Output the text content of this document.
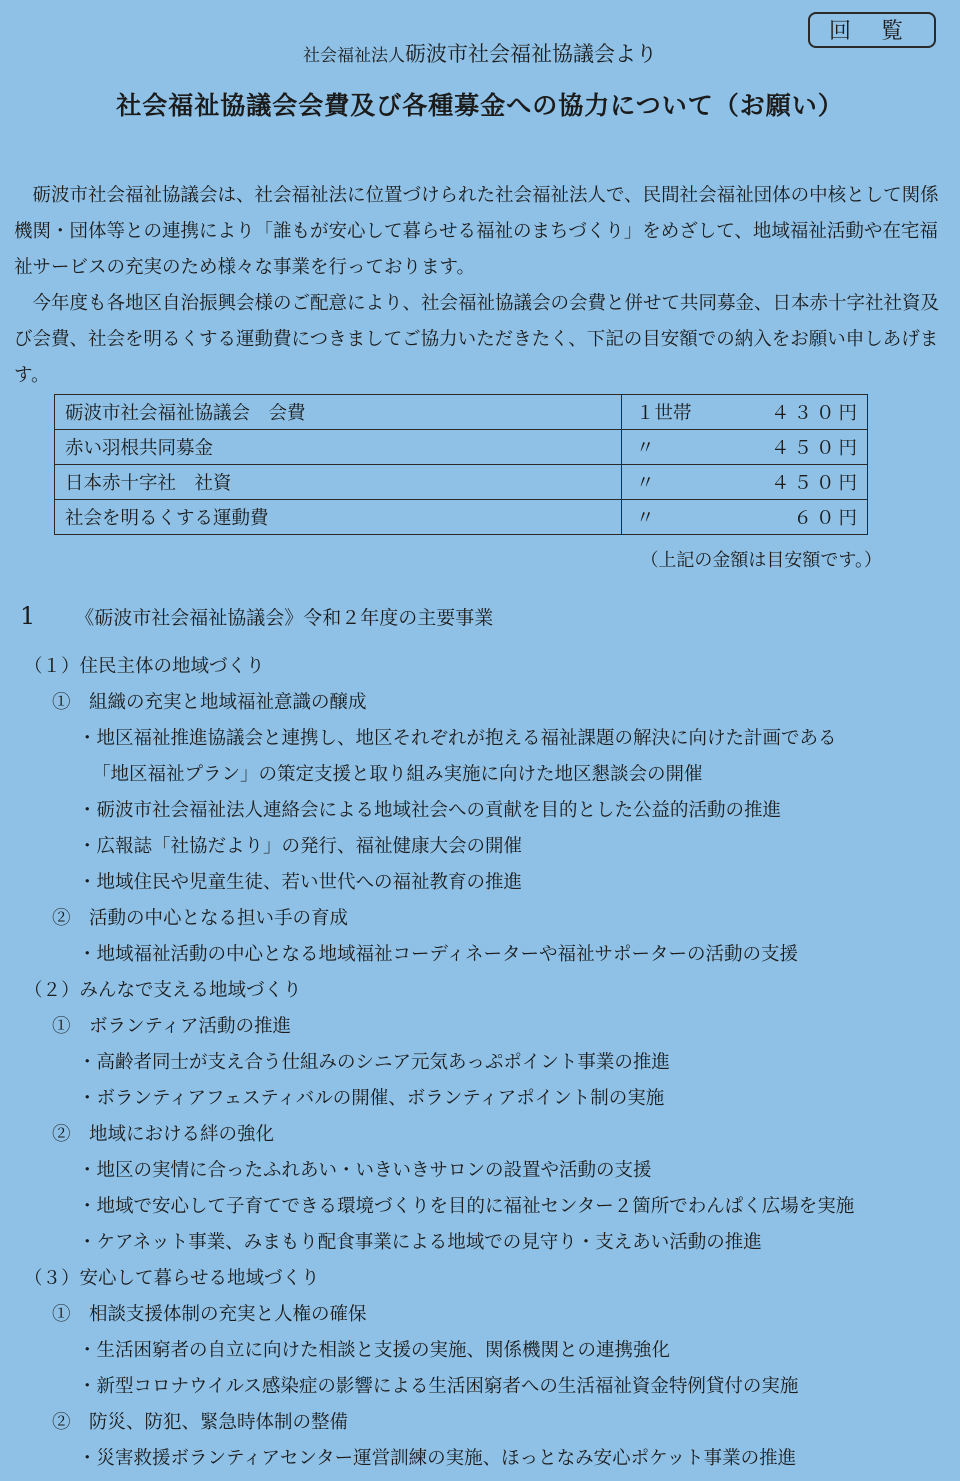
回覧
社会福祉法人砺波市社会福祉協議会より
社会福祉協議会会費及び各種募金への協力について（お願い）

砺波市社会福祉協議会は、社会福祉法に位置づけられた社会福祉法人で、民間社会福祉団体の中核として関係機関・団体等との連携により「誰もが安心して暮らせる福祉のまちづくり」をめざして、地域福祉活動や在宅福祉サービスの充実のため様々な事業を行っております。

今年度も各地区自治振興会様のご配意により、社会福祉協議会の会費と併せて共同募金、日本赤十字社社資及び会費、社会を明るくする運動費につきましてご協力いただきたく、下記の目安額での納入をお願い申しあげます。

砺波市社会福祉協議会　会費	１世帯	４３０円
赤い羽根共同募金	〃	４５０円
日本赤十字社　社資	〃	４５０円
社会を明るくする運動費	〃	６０円
（上記の金額は目安額です。）
1 《砺波市社会福祉協議会》令和２年度の主要事業
（１）住民主体の地域づくり
①　組織の充実と地域福祉意識の醸成
・地区福祉推進協議会と連携し、地区それぞれが抱える福祉課題の解決に向けた計画である
「地区福祉プラン」の策定支援と取り組み実施に向けた地区懇談会の開催
・砺波市社会福祉法人連絡会による地域社会への貢献を目的とした公益的活動の推進
・広報誌「社協だより」の発行、福祉健康大会の開催
・地域住民や児童生徒、若い世代への福祉教育の推進
②　活動の中心となる担い手の育成
・地域福祉活動の中心となる地域福祉コーディネーターや福祉サポーターの活動の支援
（２）みんなで支える地域づくり
①　ボランティア活動の推進
・高齢者同士が支え合う仕組みのシニア元気あっぷポイント事業の推進
・ボランティアフェスティバルの開催、ボランティアポイント制の実施
②　地域における絆の強化
・地区の実情に合ったふれあい・いきいきサロンの設置や活動の支援
・地域で安心して子育てできる環境づくりを目的に福祉センター２箇所でわんぱく広場を実施
・ケアネット事業、みまもり配食事業による地域での見守り・支えあい活動の推進
（３）安心して暮らせる地域づくり
①　相談支援体制の充実と人権の確保
・生活困窮者の自立に向けた相談と支援の実施、関係機関との連携強化
・新型コロナウイルス感染症の影響による生活困窮者への生活福祉資金特例貸付の実施
②　防災、防犯、緊急時体制の整備
・災害救援ボランティアセンター運営訓練の実施、ほっとなみ安心ポケット事業の推進
